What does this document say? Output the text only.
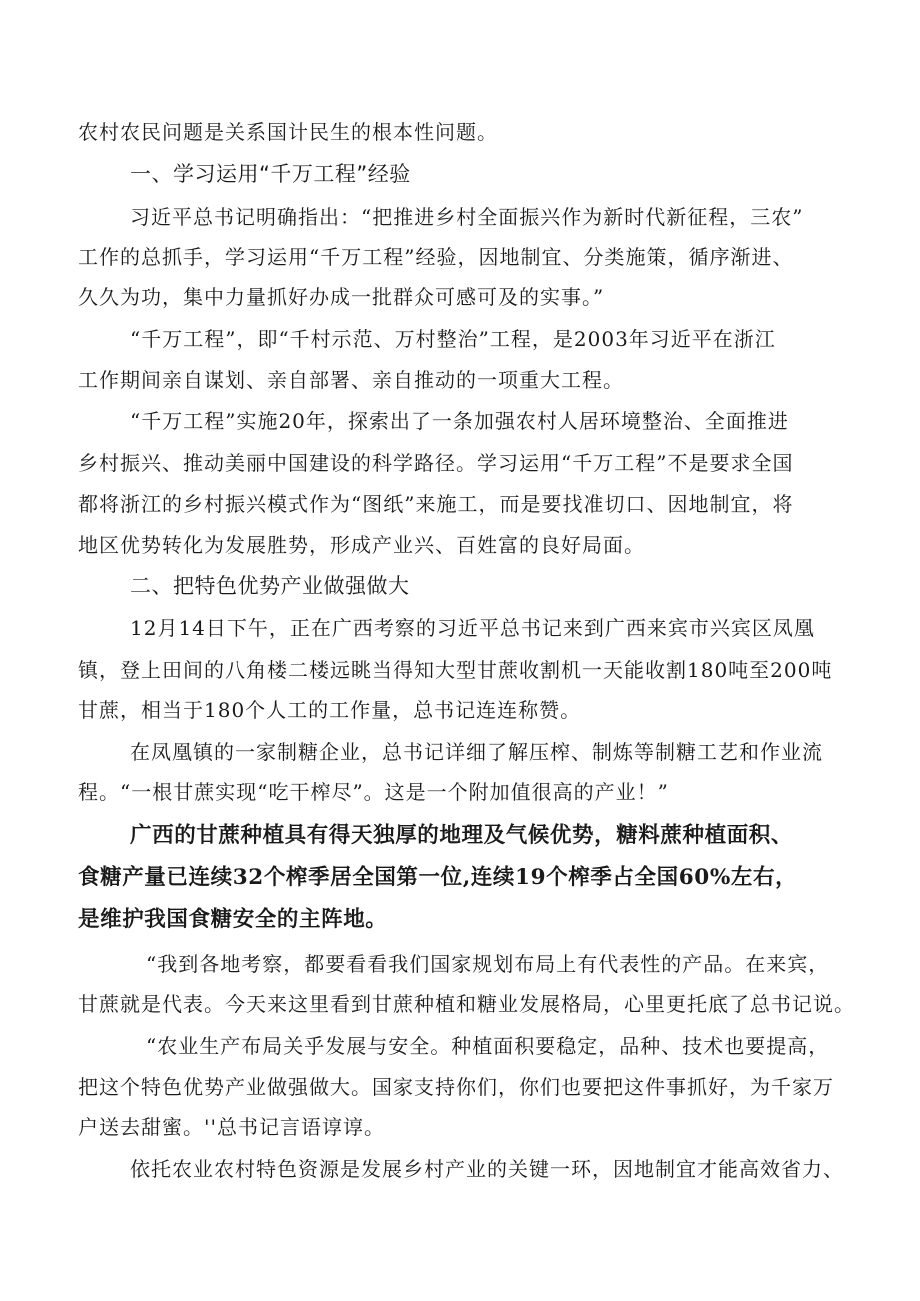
农村农民问题是关系国计民生的根本性问题。
一、学习运用“千万工程”经验
习近平总书记明确指出：“把推进乡村全面振兴作为新时代新征程，三农”
工作的总抓手，学习运用“千万工程”经验，因地制宜、分类施策，循序渐进、
久久为功，集中力量抓好办成一批群众可感可及的实事。”
“千万工程”，即“千村示范、万村整治”工程，是2003年习近平在浙江
工作期间亲自谋划、亲自部署、亲自推动的一项重大工程。
“千万工程”实施20年，探索出了一条加强农村人居环境整治、全面推进
乡村振兴、推动美丽中国建设的科学路径。学习运用“千万工程”不是要求全国
都将浙江的乡村振兴模式作为“图纸”来施工，而是要找准切口、因地制宜，将
地区优势转化为发展胜势，形成产业兴、百姓富的良好局面。
二、把特色优势产业做强做大
12月14日下午，正在广西考察的习近平总书记来到广西来宾市兴宾区凤凰
镇，登上田间的八角楼二楼远眺当得知大型甘蔗收割机一天能收割180吨至200吨
甘蔗，相当于180个人工的工作量，总书记连连称赞。
在凤凰镇的一家制糖企业，总书记详细了解压榨、制炼等制糖工艺和作业流
程。“一根甘蔗实现“吃干榨尽”。这是一个附加值很高的产业！”
广西的甘蔗种植具有得天独厚的地理及气候优势，糖料蔗种植面积、
食糖产量已连续32个榨季居全国第一位,连续19个榨季占全国60%左右，
是维护我国食糖安全的主阵地。
“我到各地考察，都要看看我们国家规划布局上有代表性的产品。在来宾，
甘蔗就是代表。今天来这里看到甘蔗种植和糖业发展格局，心里更托底了总书记说。
“农业生产布局关乎发展与安全。种植面积要稳定，品种、技术也要提高，
把这个特色优势产业做强做大。国家支持你们，你们也要把这件事抓好，为千家万
户送去甜蜜。''总书记言语谆谆。
依托农业农村特色资源是发展乡村产业的关键一环，因地制宜才能高效省力、
